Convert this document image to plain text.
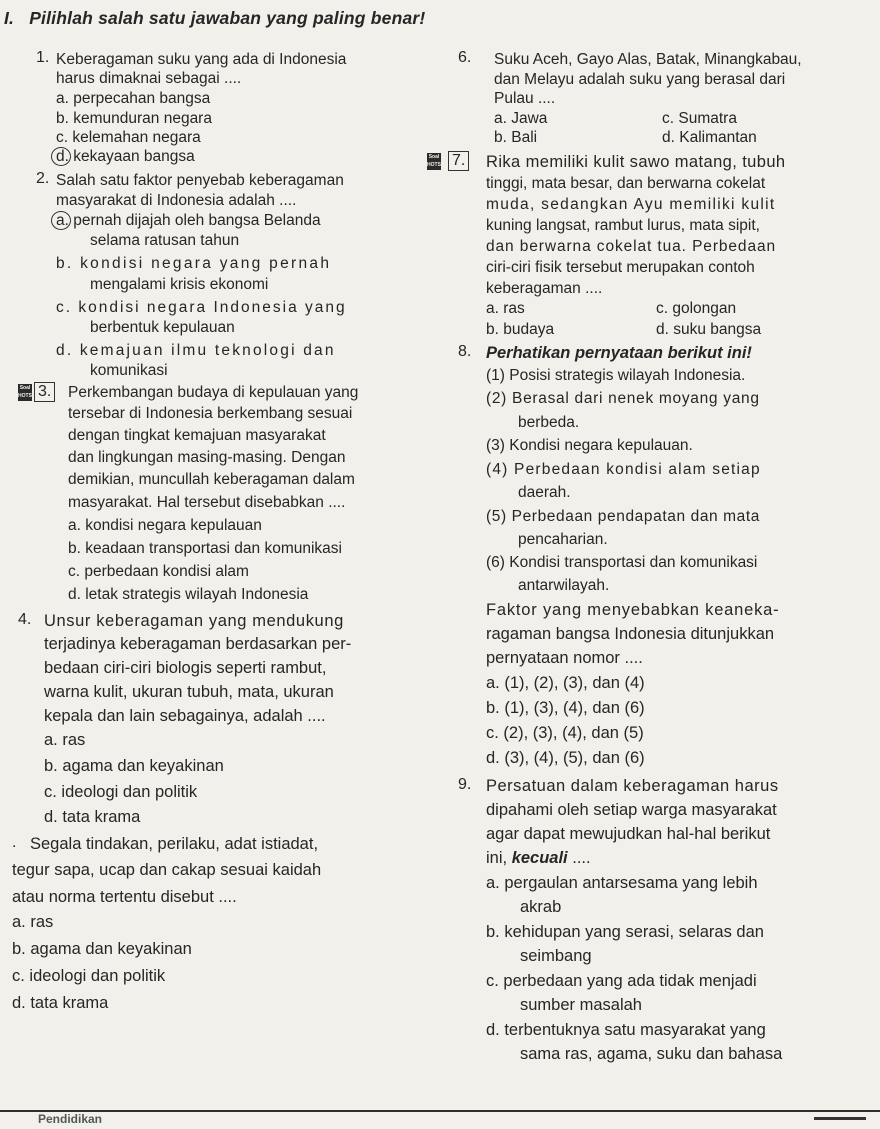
I. Pilihlah salah satu jawaban yang paling benar!
1. Keberagaman suku yang ada di Indonesia
harus dimaknai sebagai ....
a. perpecahan bangsa
b. kemunduran negara
c. kelemahan negara
d. kekayaan bangsa
2. Salah satu faktor penyebab keberagaman
masyarakat di Indonesia adalah ....
a. pernah dijajah oleh bangsa Belanda
selama ratusan tahun
b. kondisi negara yang pernah
mengalami krisis ekonomi
c. kondisi negara Indonesia yang
berbentuk kepulauan
d. kemajuan ilmu teknologi dan
komunikasi
Soal HOTS 3. Perkembangan budaya di kepulauan yang
tersebar di Indonesia berkembang sesuai
dengan tingkat kemajuan masyarakat
dan lingkungan masing-masing. Dengan
demikian, muncullah keberagaman dalam
masyarakat. Hal tersebut disebabkan ....
a. kondisi negara kepulauan
b. keadaan transportasi dan komunikasi
c. perbedaan kondisi alam
d. letak strategis wilayah Indonesia
4. Unsur keberagaman yang mendukung
terjadinya keberagaman berdasarkan per-
bedaan ciri-ciri biologis seperti rambut,
warna kulit, ukuran tubuh, mata, ukuran
kepala dan lain sebagainya, adalah ....
a. ras
b. agama dan keyakinan
c. ideologi dan politik
d. tata krama
. Segala tindakan, perilaku, adat istiadat,
tegur sapa, ucap dan cakap sesuai kaidah
atau norma tertentu disebut ....
a. ras
b. agama dan keyakinan
c. ideologi dan politik
d. tata krama
6. Suku Aceh, Gayo Alas, Batak, Minangkabau,
dan Melayu adalah suku yang berasal dari
Pulau ....
a. Jawa	c. Sumatra
b. Bali	d. Kalimantan
Soal HOTS 7. Rika memiliki kulit sawo matang, tubuh
tinggi, mata besar, dan berwarna cokelat
muda, sedangkan Ayu memiliki kulit
kuning langsat, rambut lurus, mata sipit,
dan berwarna cokelat tua. Perbedaan
ciri-ciri fisik tersebut merupakan contoh
keberagaman ....
a. ras	c. golongan
b. budaya	d. suku bangsa
8. Perhatikan pernyataan berikut ini!
(1) Posisi strategis wilayah Indonesia.
(2) Berasal dari nenek moyang yang
berbeda.
(3) Kondisi negara kepulauan.
(4) Perbedaan kondisi alam setiap
daerah.
(5) Perbedaan pendapatan dan mata
pencaharian.
(6) Kondisi transportasi dan komunikasi
antarwilayah.
Faktor yang menyebabkan keaneka-
ragaman bangsa Indonesia ditunjukkan
pernyataan nomor ....
a. (1), (2), (3), dan (4)
b. (1), (3), (4), dan (6)
c. (2), (3), (4), dan (5)
d. (3), (4), (5), dan (6)
9. Persatuan dalam keberagaman harus
dipahami oleh setiap warga masyarakat
agar dapat mewujudkan hal-hal berikut
ini, kecuali ....
a. pergaulan antarsesama yang lebih
akrab
b. kehidupan yang serasi, selaras dan
seimbang
c. perbedaan yang ada tidak menjadi
sumber masalah
d. terbentuknya satu masyarakat yang
sama ras, agama, suku dan bahasa
Pendidikan
